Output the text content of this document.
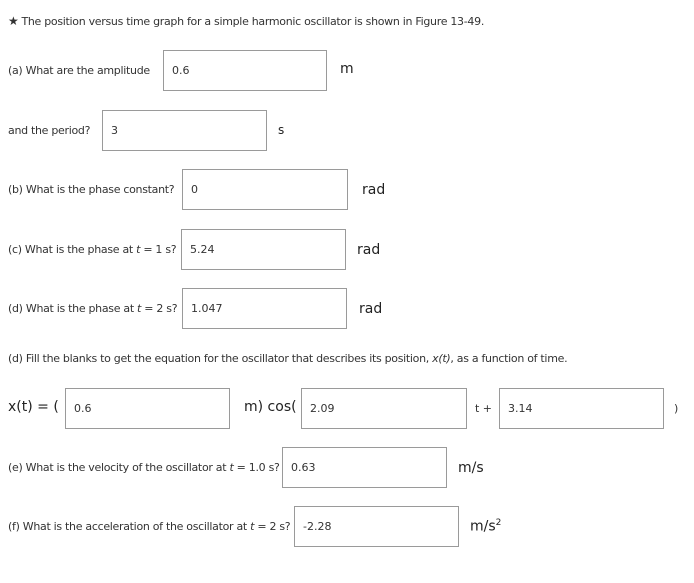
★ The position versus time graph for a simple harmonic oscillator is shown in Figure 13-49.
(a) What are the amplitude
0.6	m
and the period?
3	s
(b) What is the phase constant?
0	rad
(c) What is the phase at t = 1 s?
5.24	rad
(d) What is the phase at t = 2 s?
1.047	rad
(d) Fill the blanks to get the equation for the oscillator that describes its position, x(t), as a function of time.
x(t) = (
0.6	m) cos(
2.09	t +
3.14	)
(e) What is the velocity of the oscillator at t = 1.0 s?
0.63	m/s
(f) What is the acceleration of the oscillator at t = 2 s?
-2.28	$m/s^2$
